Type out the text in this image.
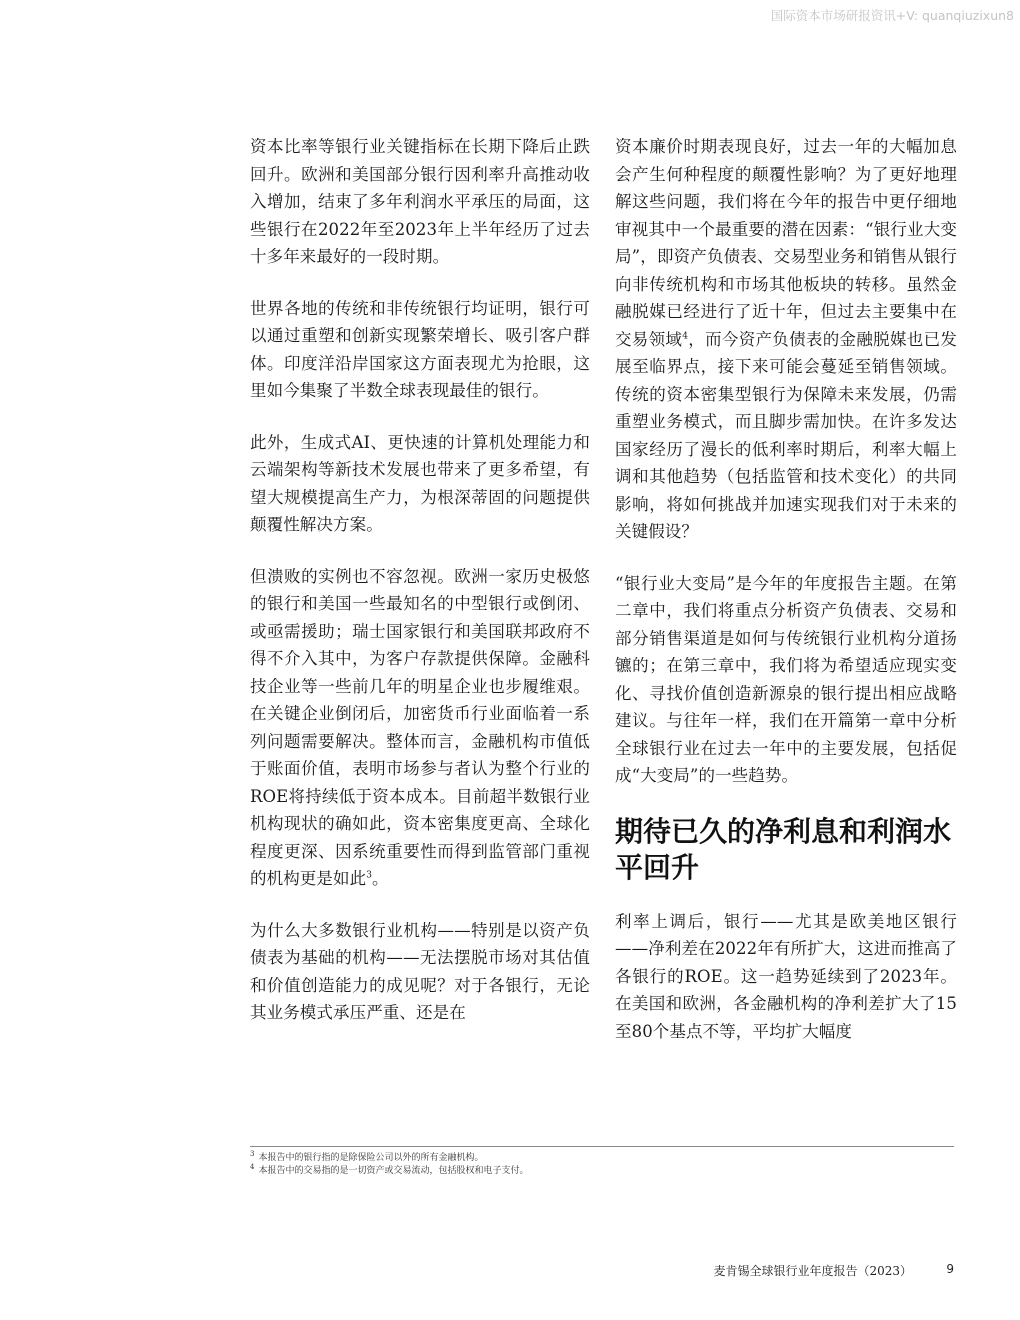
国际资本市场研报资讯+V: quanqiuzixun8

资本比率等银行业关键指标在长期下降后止跌回升。欧洲和美国部分银行因利率升高推动收入增加，结束了多年利润水平承压的局面，这些银行在2022年至2023年上半年经历了过去十多年来最好的一段时期。

世界各地的传统和非传统银行均证明，银行可以通过重塑和创新实现繁荣增长、吸引客户群体。印度洋沿岸国家这方面表现尤为抢眼，这里如今集聚了半数全球表现最佳的银行。

此外，生成式AI、更快速的计算机处理能力和云端架构等新技术发展也带来了更多希望，有望大规模提高生产力，为根深蒂固的问题提供颠覆性解决方案。

但溃败的实例也不容忽视。欧洲一家历史极悠的银行和美国一些最知名的中型银行或倒闭、或亟需援助；瑞士国家银行和美国联邦政府不得不介入其中，为客户存款提供保障。金融科技企业等一些前几年的明星企业也步履维艰。在关键企业倒闭后，加密货币行业面临着一系列问题需要解决。整体而言，金融机构市值低于账面价值，表明市场参与者认为整个行业的ROE将持续低于资本成本。目前超半数银行业机构现状的确如此，资本密集度更高、全球化程度更深、因系统重要性而得到监管部门重视的机构更是如此$^3$。

为什么大多数银行业机构——特别是以资产负债表为基础的机构——无法摆脱市场对其估值和价值创造能力的成见呢？对于各银行，无论其业务模式承压严重、还是在

资本廉价时期表现良好，过去一年的大幅加息会产生何种程度的颠覆性影响？为了更好地理解这些问题，我们将在今年的报告中更仔细地审视其中一个最重要的潜在因素：“银行业大变局”，即资产负债表、交易型业务和销售从银行向非传统机构和市场其他板块的转移。虽然金融脱媒已经进行了近十年，但过去主要集中在交易领域$^4$，而今资产负债表的金融脱媒也已发展至临界点，接下来可能会蔓延至销售领域。传统的资本密集型银行为保障未来发展，仍需重塑业务模式，而且脚步需加快。在许多发达国家经历了漫长的低利率时期后，利率大幅上调和其他趋势（包括监管和技术变化）的共同影响，将如何挑战并加速实现我们对于未来的关键假设？

“银行业大变局”是今年的年度报告主题。在第二章中，我们将重点分析资产负债表、交易和部分销售渠道是如何与传统银行业机构分道扬镳的；在第三章中，我们将为希望适应现实变化、寻找价值创造新源泉的银行提出相应战略建议。与往年一样，我们在开篇第一章中分析全球银行业在过去一年中的主要发展，包括促成“大变局”的一些趋势。

期待已久的净利息和利润水平回升

利率上调后，银行——尤其是欧美地区银行——净利差在2022年有所扩大，这进而推高了各银行的ROE。这一趋势延续到了2023年。在美国和欧洲，各金融机构的净利差扩大了15至80个基点不等，平均扩大幅度

$^3$ 本报告中的银行指的是除保险公司以外的所有金融机构。
$^4$ 本报告中的交易指的是一切资产或交易流动，包括股权和电子支付。
麦肯锡全球银行业年度报告（2023）	9
